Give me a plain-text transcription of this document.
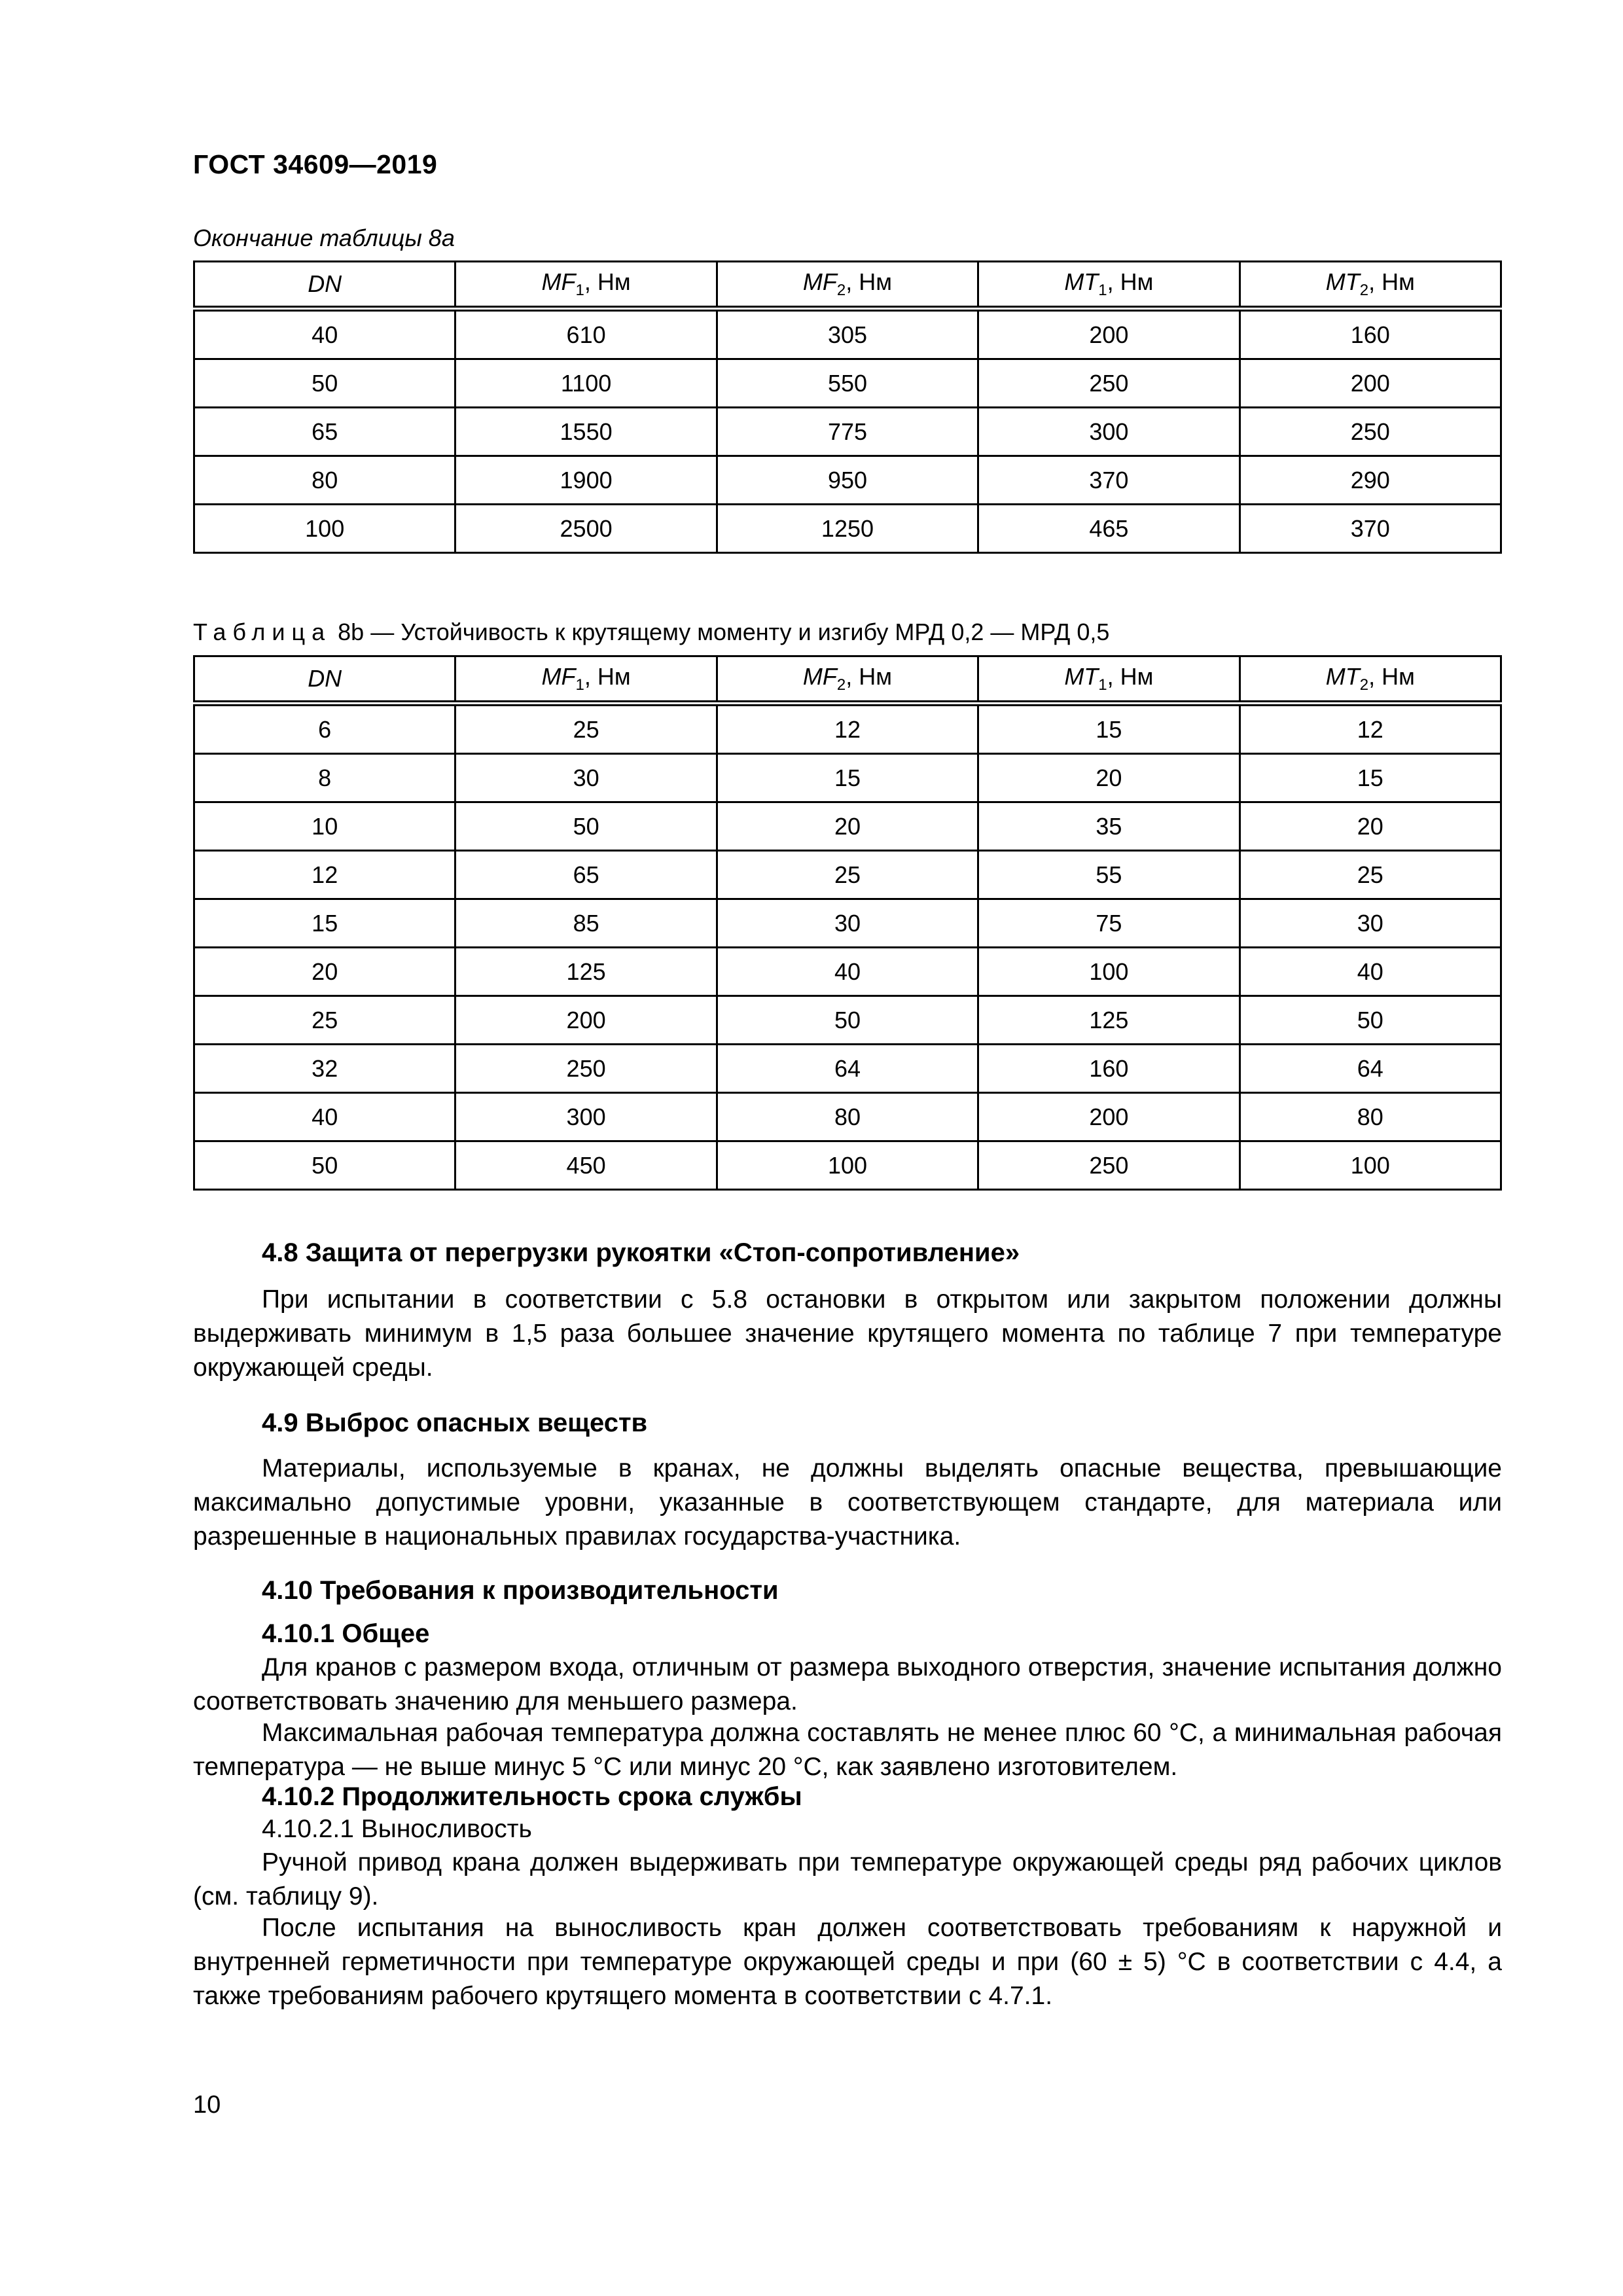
ГОСТ 34609—2019
Окончание таблицы 8а
DN	$MF_1$, Нм	$MF_2$, Нм	$MT_1$, Нм	$MT_2$, Нм
40	610	305	200	160
50	1100	550	250	200
65	1550	775	300	250
80	1900	950	370	290
100	2500	1250	465	370
Таблица 8b — Устойчивость к крутящему моменту и изгибу МРД 0,2 — МРД 0,5
DN	$MF_1$, Нм	$MF_2$, Нм	$MT_1$, Нм	$MT_2$, Нм
6	25	12	15	12
8	30	15	20	15
10	50	20	35	20
12	65	25	55	25
15	85	30	75	30
20	125	40	100	40
25	200	50	125	50
32	250	64	160	64
40	300	80	200	80
50	450	100	250	100
4.8 Защита от перегрузки рукоятки «Стоп-сопротивление»
При испытании в соответствии с 5.8 остановки в открытом или закрытом положении должны выдерживать минимум в 1,5 раза большее значение крутящего момента по таблице 7 при температуре окружающей среды.
4.9 Выброс опасных веществ
Материалы, используемые в кранах, не должны выделять опасные вещества, превышающие максимально допустимые уровни, указанные в соответствующем стандарте, для материала или разрешенные в национальных правилах государства-участника.
4.10 Требования к производительности
4.10.1 Общее
Для кранов с размером входа, отличным от размера выходного отверстия, значение испытания должно соответствовать значению для меньшего размера.
Максимальная рабочая температура должна составлять не менее плюс 60 °С, а минимальная рабочая температура — не выше минус 5 °С или минус 20 °С, как заявлено изготовителем.
4.10.2 Продолжительность срока службы
4.10.2.1 Выносливость
Ручной привод крана должен выдерживать при температуре окружающей среды ряд рабочих циклов (см. таблицу 9).
После испытания на выносливость кран должен соответствовать требованиям к наружной и внутренней герметичности при температуре окружающей среды и при (60 ± 5) °С в соответствии с 4.4, а также требованиям рабочего крутящего момента в соответствии с 4.7.1.
10
